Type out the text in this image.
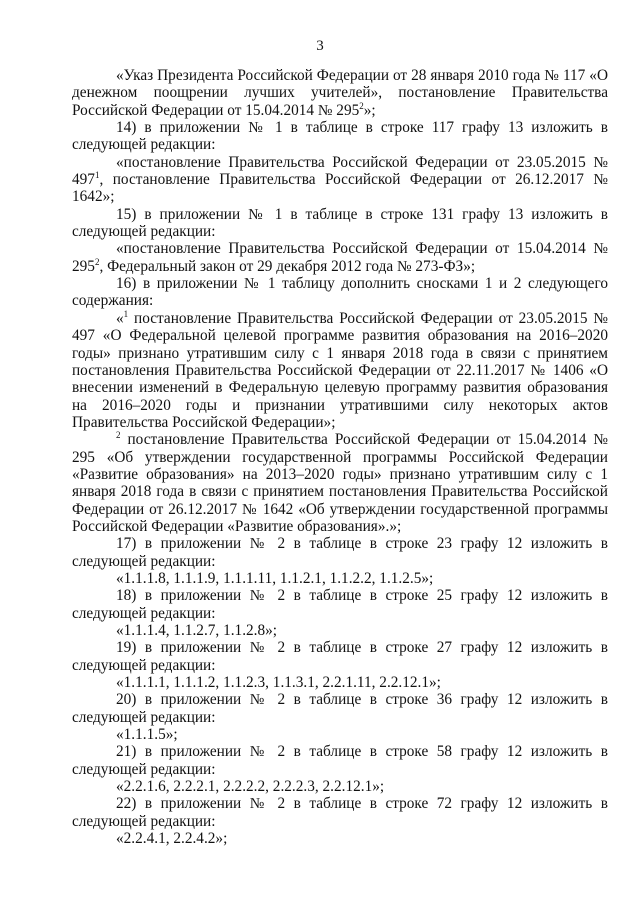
3

«Указ Президента Российской Федерации от 28 января 2010 года № 117 «О денежном поощрении лучших учителей», постановление Правительства Российской Федерации от 15.04.2014 № $295^2$»;

14) в приложении № 1 в таблице в строке 117 графу 13 изложить в следующей редакции:

«постановление Правительства Российской Федерации от 23.05.2015 № $497^1$, постановление Правительства Российской Федерации от 26.12.2017 № 1642»;

15) в приложении № 1 в таблице в строке 131 графу 13 изложить в следующей редакции:

«постановление Правительства Российской Федерации от 15.04.2014 № $295^2$, Федеральный закон от 29 декабря 2012 года № 273-ФЗ»;

16) в приложении № 1 таблицу дополнить сносками 1 и 2 следующего содержания:

«$^1$ постановление Правительства Российской Федерации от 23.05.2015 № 497 «О Федеральной целевой программе развития образования на 2016–2020 годы» признано утратившим силу с 1 января 2018 года в связи с принятием постановления Правительства Российской Федерации от 22.11.2017 № 1406 «О внесении изменений в Федеральную целевую программу развития образования на 2016–2020 годы и признании утратившими силу некоторых актов Правительства Российской Федерации»;

$^2$ постановление Правительства Российской Федерации от 15.04.2014 № 295 «Об утверждении государственной программы Российской Федерации «Развитие образования» на 2013–2020 годы» признано утратившим силу с 1 января 2018 года в связи с принятием постановления Правительства Российской Федерации от 26.12.2017 № 1642 «Об утверждении государственной программы Российской Федерации «Развитие образования».»;

17) в приложении № 2 в таблице в строке 23 графу 12 изложить в следующей редакции:

«1.1.1.8, 1.1.1.9, 1.1.1.11, 1.1.2.1, 1.1.2.2, 1.1.2.5»;

18) в приложении № 2 в таблице в строке 25 графу 12 изложить в следующей редакции:

«1.1.1.4, 1.1.2.7, 1.1.2.8»;

19) в приложении № 2 в таблице в строке 27 графу 12 изложить в следующей редакции:

«1.1.1.1, 1.1.1.2, 1.1.2.3, 1.1.3.1, 2.2.1.11, 2.2.12.1»;

20) в приложении № 2 в таблице в строке 36 графу 12 изложить в следующей редакции:

«1.1.1.5»;

21) в приложении № 2 в таблице в строке 58 графу 12 изложить в следующей редакции:

«2.2.1.6, 2.2.2.1, 2.2.2.2, 2.2.2.3, 2.2.12.1»;

22) в приложении № 2 в таблице в строке 72 графу 12 изложить в следующей редакции:

«2.2.4.1, 2.2.4.2»;
